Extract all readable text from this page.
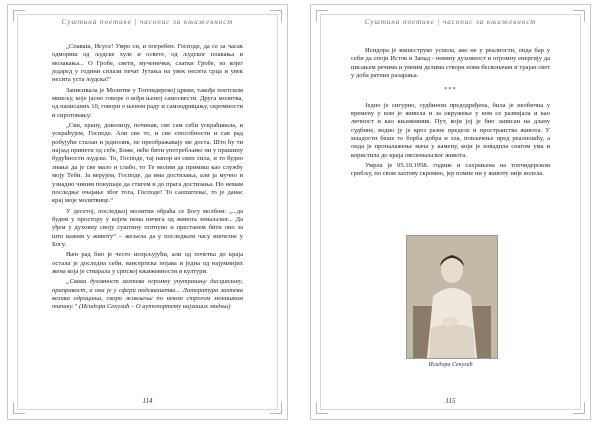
Суштина поетике | часопис за књижевност

„Спаваш, Исусе! Умро си, и погребен. Господе, да се за часак одмориш од људске хуле и освете, од људског плакања и молакања... О Гробе, свети, мученички, слатки Гробе, из којег једаред у години силази печат Јутања на увек несита срца и увек несита уста људска!“

Записивала је Молитве у Топчидерској цркви, такође поетском мишљу, које јасно говоре о вођи њеној самосвести. Друга молитва, од написаних 10, говори о њеном раду и самоодрицању, скромности и сиротовању:

„Сви, храну, доколицу, починак, све сам себи ускраћивала, и ускраћујем, Господе. Али све то, и све способности и сав рад робујући сталан и једнолик, не преображавају ме доста. Што ћу ти најзад принети од себе, Боже, неће бити употребљиво ни у прашину будућности људске. То, Господе, тај напор из свих сила, и то будно знање да је све мало и слабо, то Те молим да примиш као службу моју Теби. Ја верујем, Господе, да има достизања, али ја мучно и узнадно чиним покушаје да стигем и до прага достизања. Но немам последње очајање због тога, Господе! То саопштење, то је данас крај моје молитвице.“

У десетој, последњој молитви обраћа се Богу молбом: „...да будем у простору у којем нема ничега од живота земаљског... Да уђем у духовну своју суштину потпуно и престанем бити оно за што важим у животу“ – жељела да у последњем часу ишчезне у Богу.

Њен рад био је често испрљујући, али од почетка до краја остала је доследна себи, вансерпска појава и једна од најумнијих жена која је стварала у српској књижевности и култури.

„Свака духовност захтева огромну унутрашњу дисциплину, приправост, а она је у сфери подсвихштва... Литература захтева велика одрицања, скоро живљење по неком строгом монашком типику.“ (Исидора Секулић – О аутопортету најзаших модњи)

114
Суштина поетике | часопис за књижевност

Исидора је вишеструко успела, ако не у реалности, онда бар у себи да споји Исток и Запад - невину духовност и огромну енергију да писањем речима и умним делима створи нови бесконачан и трајан свет у доба ратних разарања.

***

Једно је сигурно, судбином предодређена, била је необична у времену у ком је живела и за окружење у ком се развијала и као личност и као књижевник. Пут, који јој је био записан на длану судбине, водио ју је кроз разне пределе и пространства живота. У младости беше то борба добра и зла, повлачење пред реалношћу, а онда је проналажење мача у камену, који је извадила снагом ума и користила до краја овоземаљског живота.

Умрла је 05.10.1958. године и сахрањена на топчидерском гробљу, по свом захтеву скромно, јер помпе ни у животу није волела.

Исидора Секулић
115
